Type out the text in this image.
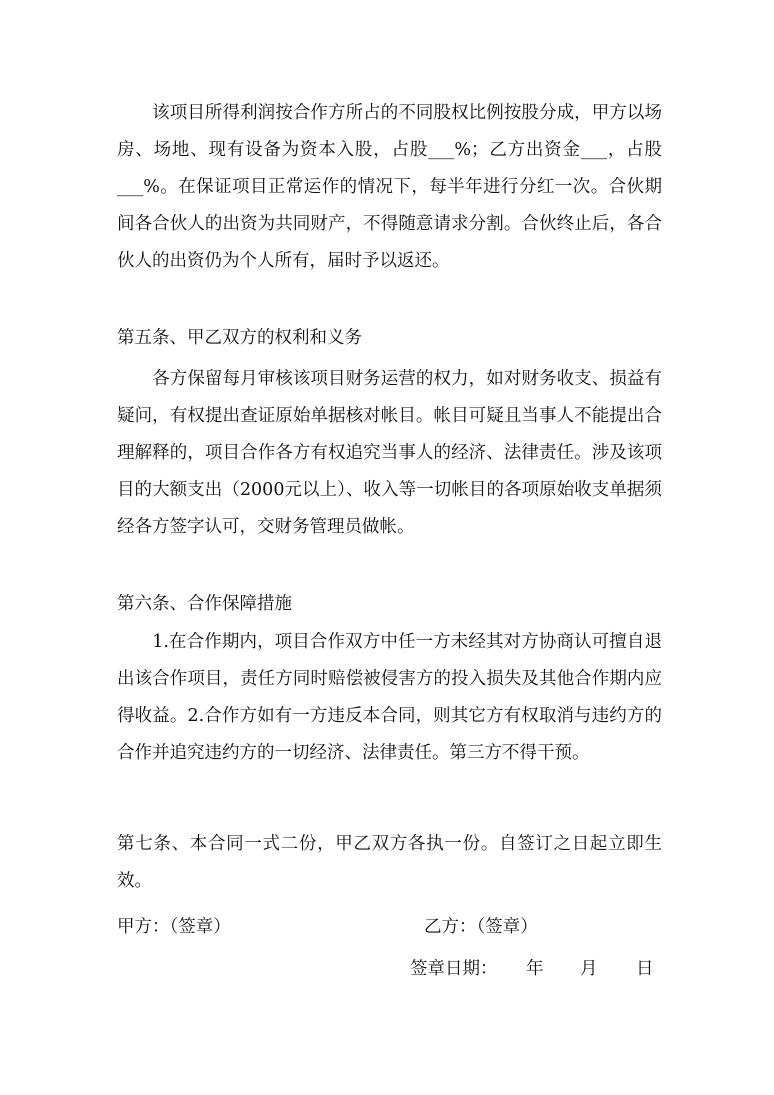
　　该项目所得利润按合作方所占的不同股权比例按股分成，甲方以场房、场地、现有设备为资本入股，占股___%；乙方出资金___，占股___%。在保证项目正常运作的情况下，每半年进行分红一次。合伙期间各合伙人的出资为共同财产，不得随意请求分割。合伙终止后，各合伙人的出资仍为个人所有，届时予以返还。

第五条、甲乙双方的权利和义务

　　各方保留每月审核该项目财务运营的权力，如对财务收支、损益有疑问，有权提出查证原始单据核对帐目。帐目可疑且当事人不能提出合理解释的，项目合作各方有权追究当事人的经济、法律责任。涉及该项目的大额支出（2000元以上）、收入等一切帐目的各项原始收支单据须经各方签字认可，交财务管理员做帐。

第六条、合作保障措施

　　1.在合作期内，项目合作双方中任一方未经其对方协商认可擅自退出该合作项目，责任方同时赔偿被侵害方的投入损失及其他合作期内应得收益。2.合作方如有一方违反本合同，则其它方有权取消与违约方的合作并追究违约方的一切经济、法律责任。第三方不得干预。

第七条、本合同一式二份，甲乙双方各执一份。自签订之日起立即生效。

甲方：（签章）	乙方：（签章）

签章日期： 年 月 日
